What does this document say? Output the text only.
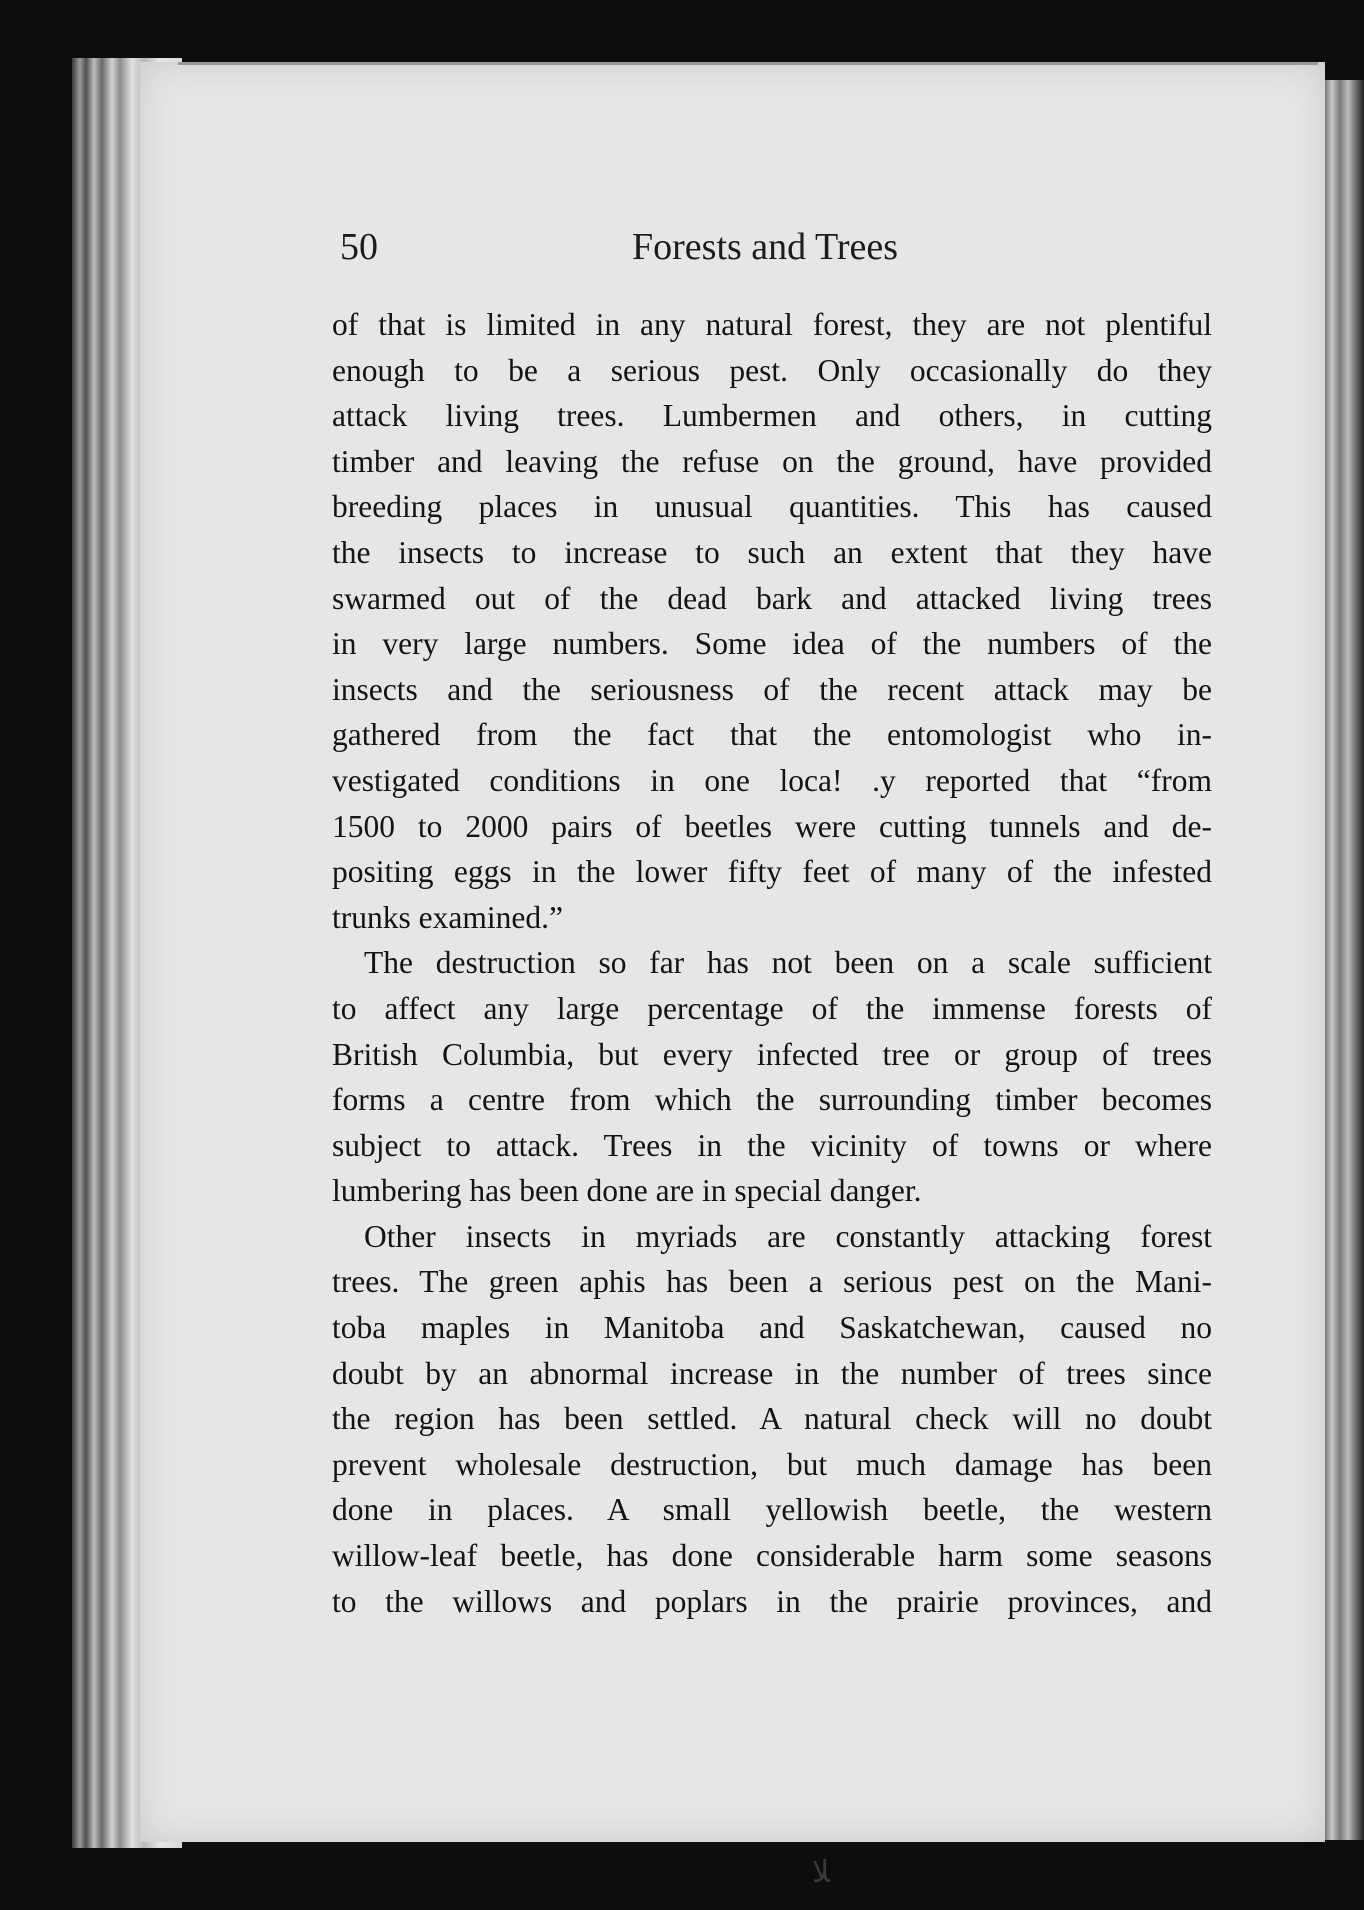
50	Forests and Trees

of that is limited in any natural forest, they are not plentiful
enough to be a serious pest. Only occasionally do they
attack living trees. Lumbermen and others, in cutting
timber and leaving the refuse on the ground, have provided
breeding places in unusual quantities. This has caused
the insects to increase to such an extent that they have
swarmed out of the dead bark and attacked living trees
in very large numbers. Some idea of the numbers of the
insects and the seriousness of the recent attack may be
gathered from the fact that the entomologist who in-
vestigated conditions in one loca! .y reported that “from
1500 to 2000 pairs of beetles were cutting tunnels and de-
positing eggs in the lower fifty feet of many of the infested
trunks examined.”

The destruction so far has not been on a scale sufficient
to affect any large percentage of the immense forests of
British Columbia, but every infected tree or group of trees
forms a centre from which the surrounding timber becomes
subject to attack. Trees in the vicinity of towns or where
lumbering has been done are in special danger.

Other insects in myriads are constantly attacking forest
trees. The green aphis has been a serious pest on the Mani-
toba maples in Manitoba and Saskatchewan, caused no
doubt by an abnormal increase in the number of trees since
the region has been settled. A natural check will no doubt
prevent wholesale destruction, but much damage has been
done in places. A small yellowish beetle, the western
willow-leaf beetle, has done considerable harm some seasons
to the willows and poplars in the prairie provinces, and

ﻼ
